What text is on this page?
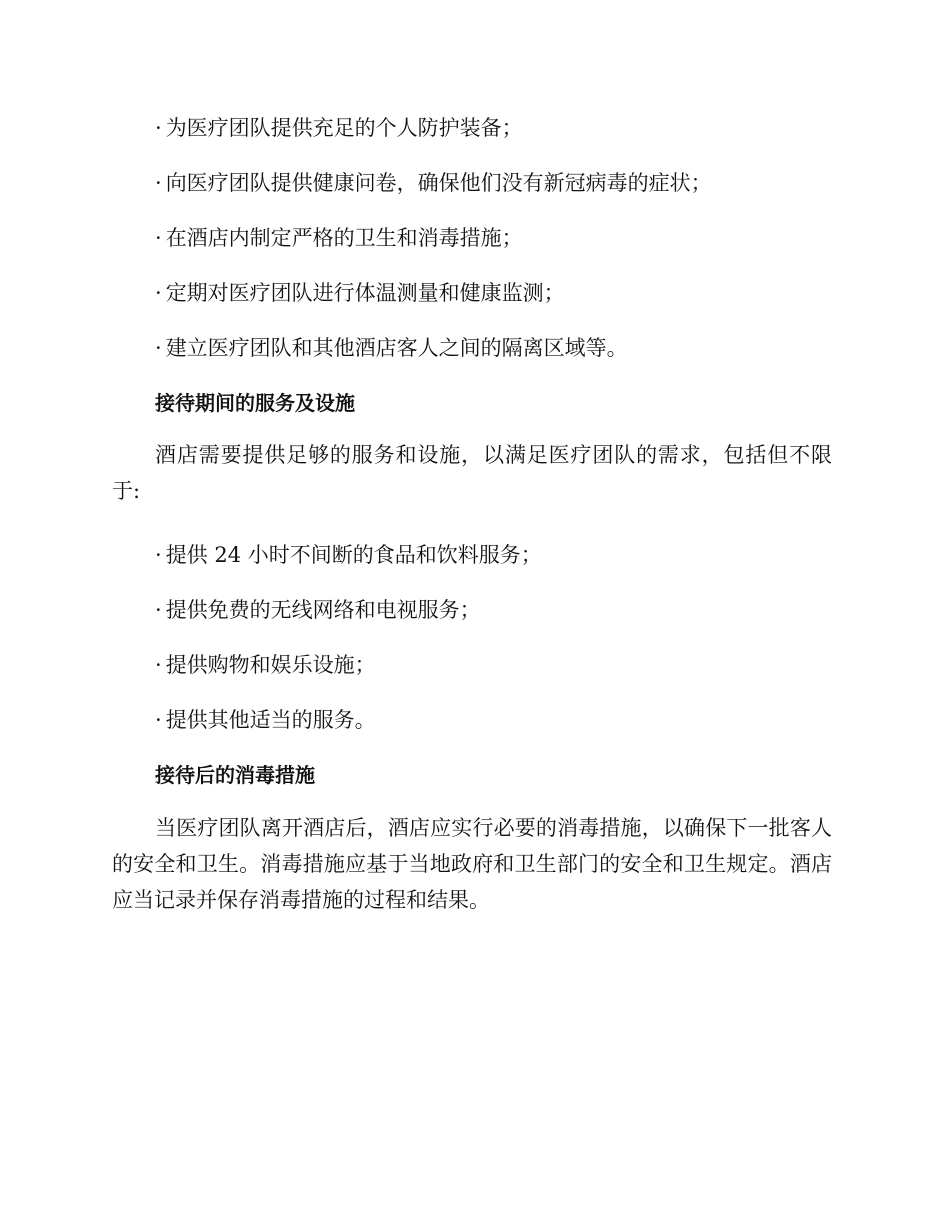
· 为医疗团队提供充足的个人防护装备；
· 向医疗团队提供健康问卷，确保他们没有新冠病毒的症状；
· 在酒店内制定严格的卫生和消毒措施；
· 定期对医疗团队进行体温测量和健康监测；
· 建立医疗团队和其他酒店客人之间的隔离区域等。
接待期间的服务及设施
酒店需要提供足够的服务和设施，以满足医疗团队的需求，包括但不限于:
· 提供 24 小时不间断的食品和饮料服务；
· 提供免费的无线网络和电视服务；
· 提供购物和娱乐设施；
· 提供其他适当的服务。
接待后的消毒措施
当医疗团队离开酒店后，酒店应实行必要的消毒措施，以确保下一批客人的安全和卫生。消毒措施应基于当地政府和卫生部门的安全和卫生规定。酒店应当记录并保存消毒措施的过程和结果。
